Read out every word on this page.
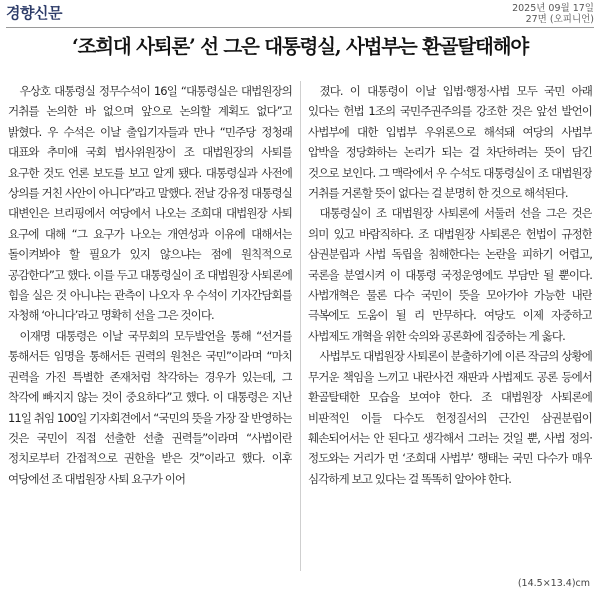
경향신문	2025년 09월 17일
27면 (오피니언)
‘조희대 사퇴론’ 선 그은 대통령실, 사법부는 환골탈태해야

우상호 대통령실 정무수석이 16일 “대통령실은 대법원장의 거취를 논의한 바 없으며 앞으로 논의할 계획도 없다”고 밝혔다. 우 수석은 이날 출입기자들과 만나 “민주당 정청래 대표와 추미애 국회 법사위원장이 조 대법원장의 사퇴를 요구한 것도 언론 보도를 보고 알게 됐다. 대통령실과 사전에 상의를 거친 사안이 아니다”라고 말했다. 전날 강유정 대통령실 대변인은 브리핑에서 여당에서 나오는 조희대 대법원장 사퇴 요구에 대해 “그 요구가 나오는 개연성과 이유에 대해서는 돌이켜봐야 할 필요가 있지 않으냐는 점에 원칙적으로 공감한다”고 했다. 이를 두고 대통령실이 조 대법원장 사퇴론에 힘을 실은 것 아니냐는 관측이 나오자 우 수석이 기자간담회를 자청해 ‘아니다’라고 명확히 선을 그은 것이다.

이재명 대통령은 이날 국무회의 모두발언을 통해 “선거를 통해서든 임명을 통해서든 권력의 원천은 국민”이라며 “마치 권력을 가진 특별한 존재처럼 착각하는 경우가 있는데, 그 착각에 빠지지 않는 것이 중요하다”고 했다. 이 대통령은 지난 11일 취임 100일 기자회견에서 “국민의 뜻을 가장 잘 반영하는 것은 국민이 직접 선출한 선출 권력들”이라며 “사법이란 정치로부터 간접적으로 권한을 받은 것”이라고 했다. 이후 여당에선 조 대법원장 사퇴 요구가 이어

졌다. 이 대통령이 이날 입법·행정·사법 모두 국민 아래 있다는 헌법 1조의 국민주권주의를 강조한 것은 앞선 발언이 사법부에 대한 입법부 우위론으로 해석돼 여당의 사법부 압박을 정당화하는 논리가 되는 걸 차단하려는 뜻이 담긴 것으로 보인다. 그 맥락에서 우 수석도 대통령실이 조 대법원장 거취를 거론할 뜻이 없다는 걸 분명히 한 것으로 해석된다.

대통령실이 조 대법원장 사퇴론에 서둘러 선을 그은 것은 의미 있고 바람직하다. 조 대법원장 사퇴론은 헌법이 규정한 삼권분립과 사법 독립을 침해한다는 논란을 피하기 어렵고, 국론을 분열시켜 이 대통령 국정운영에도 부담만 될 뿐이다. 사법개혁은 물론 다수 국민이 뜻을 모아가야 가능한 내란 극복에도 도움이 될 리 만무하다. 여당도 이제 자중하고 사법제도 개혁을 위한 숙의와 공론화에 집중하는 게 옳다.

사법부도 대법원장 사퇴론이 분출하기에 이른 작금의 상황에 무거운 책임을 느끼고 내란사건 재판과 사법제도 공론 등에서 환골탈태한 모습을 보여야 한다. 조 대법원장 사퇴론에 비판적인 이들 다수도 헌정질서의 근간인 삼권분립이 훼손되어서는 안 된다고 생각해서 그러는 것일 뿐, 사법 정의·정도와는 거리가 먼 ‘조희대 사법부’ 행태는 국민 다수가 매우 심각하게 보고 있다는 걸 똑똑히 알아야 한다.

(14.5×13.4)cm
